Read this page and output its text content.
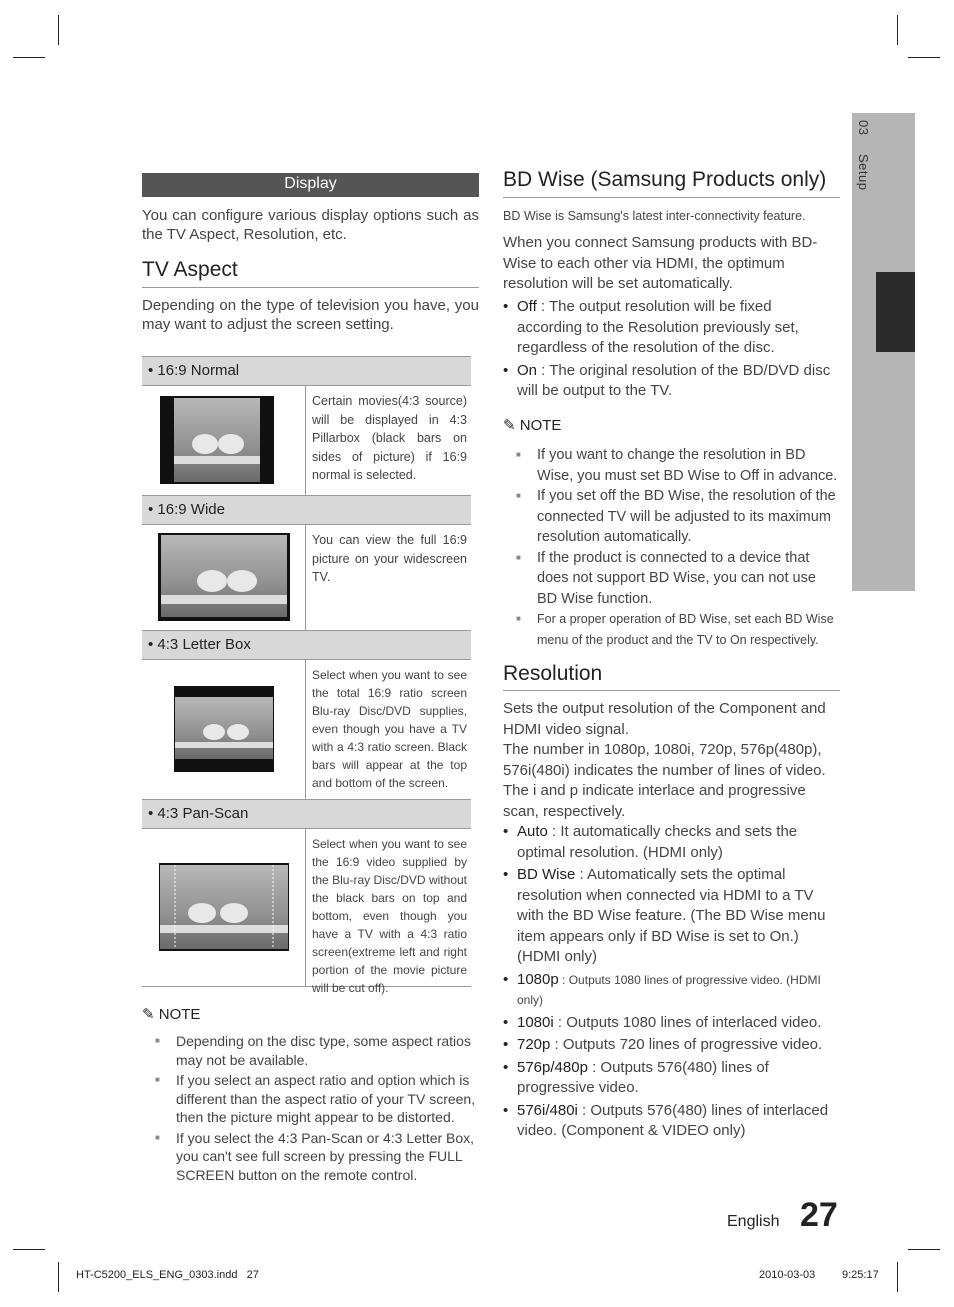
03 Setup
Display

You can configure various display options such as the TV Aspect, Resolution, etc.

TV Aspect

Depending on the type of television you have, you may want to adjust the screen setting.

• 16:9 Normal
Certain movies(4:3 source) will be displayed in 4:3 Pillarbox (black bars on sides of picture) if 16:9 normal is selected.
• 16:9 Wide
You can view the full 16:9 picture on your widescreen TV.
• 4:3 Letter Box
Select when you want to see the total 16:9 ratio screen Blu-ray Disc/DVD supplies, even though you have a TV with a 4:3 ratio screen. Black bars will appear at the top and bottom of the screen.
• 4:3 Pan-Scan
Select when you want to see the 16:9 video supplied by the Blu-ray Disc/DVD without the black bars on top and bottom, even though you have a TV with a 4:3 ratio screen(extreme left and right portion of the movie picture will be cut off).
✎ NOTE
■ Depending on the disc type, some aspect ratios may not be available.
■ If you select an aspect ratio and option which is different than the aspect ratio of your TV screen, then the picture might appear to be distorted.
■ If you select the 4:3 Pan-Scan or 4:3 Letter Box, you can't see full screen by pressing the FULL SCREEN button on the remote control.
BD Wise (Samsung Products only)

BD Wise is Samsung's latest inter-connectivity feature.

When you connect Samsung products with BD-Wise to each other via HDMI, the optimum resolution will be set automatically.

• Off : The output resolution will be fixed according to the Resolution previously set, regardless of the resolution of the disc.
• On : The original resolution of the BD/DVD disc will be output to the TV.
✎ NOTE
■ If you want to change the resolution in BD Wise, you must set BD Wise to Off in advance.
■ If you set off the BD Wise, the resolution of the connected TV will be adjusted to its maximum resolution automatically.
■ If the product is connected to a device that does not support BD Wise, you can not use BD Wise function.
■ For a proper operation of BD Wise, set each BD Wise menu of the product and the TV to On respectively.
Resolution

Sets the output resolution of the Component and HDMI video signal.

The number in 1080p, 1080i, 720p, 576p(480p), 576i(480i) indicates the number of lines of video. The i and p indicate interlace and progressive scan, respectively.

• Auto : It automatically checks and sets the optimal resolution. (HDMI only)
• BD Wise : Automatically sets the optimal resolution when connected via HDMI to a TV with the BD Wise feature. (The BD Wise menu item appears only if BD Wise is set to On.) (HDMI only)
• 1080p : Outputs 1080 lines of progressive video. (HDMI only)
• 1080i : Outputs 1080 lines of interlaced video.
• 720p : Outputs 720 lines of progressive video.
• 576p/480p : Outputs 576(480) lines of progressive video.
• 576i/480i : Outputs 576(480) lines of interlaced video. (Component & VIDEO only)
English 27
HT-C5200_ELS_ENG_0303.indd   27	2010-03-03 9:25:17
